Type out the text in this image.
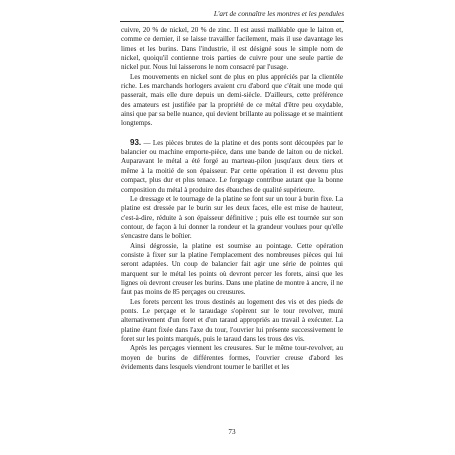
L'art de connaître les montres et les pendules

cuivre, 20 % de nickel, 20 % de zinc. Il est aussi malléable que le laiton et, comme ce dernier, il se laisse travailler facilement, mais il use davantage les limes et les burins. Dans l'industrie, il est désigné sous le simple nom de nickel, quoiqu'il contienne trois parties de cuivre pour une seule partie de nickel pur. Nous lui laisserons le nom consacré par l'usage.

Les mouvements en nickel sont de plus en plus appréciés par la clientèle riche. Les marchands horlogers avaient cru d'abord que c'était une mode qui passerait, mais elle dure depuis un demi-siècle. D'ailleurs, cette préférence des amateurs est justifiée par la propriété de ce métal d'être peu oxydable, ainsi que par sa belle nuance, qui devient brillante au polissage et se maintient longtemps.

93. — Les pièces brutes de la platine et des ponts sont découpées par le balancier ou machine emporte-pièce, dans une bande de laiton ou de nickel. Auparavant le métal a été forgé au marteau-pilon jusqu'aux deux tiers et même à la moitié de son épaisseur. Par cette opération il est devenu plus compact, plus dur et plus tenace. Le forgeage contribue autant que la bonne composition du métal à produire des ébauches de qualité supérieure.

Le dressage et le tournage de la platine se font sur un tour à burin fixe. La platine est dressée par le burin sur les deux faces, elle est mise de hauteur, c'est-à-dire, réduite à son épaisseur définitive ; puis elle est tournée sur son contour, de façon à lui donner la rondeur et la grandeur voulues pour qu'elle s'encastre dans le boîtier.

Ainsi dégrossie, la platine est soumise au pointage. Cette opération consiste à fixer sur la platine l'emplacement des nombreuses pièces qui lui seront adaptées. Un coup de balancier fait agir une série de pointes qui marquent sur le métal les points où devront percer les forets, ainsi que les lignes où devront creuser les burins. Dans une platine de montre à ancre, il ne faut pas moins de 85 perçages ou creusures.

Les forets percent les trous destinés au logement des vis et des pieds de ponts. Le perçage et le taraudage s'opèrent sur le tour revolver, muni alternativement d'un foret et d'un taraud appropriés au travail à exécuter. La platine étant fixée dans l'axe du tour, l'ouvrier lui présente successivement le foret sur les points marqués, puis le taraud dans les trous des vis.

Après les perçages viennent les creusures. Sur le même tour-revolver, au moyen de burins de différentes formes, l'ouvrier creuse d'abord les évidements dans lesquels viendront tourner le barillet et les

73
